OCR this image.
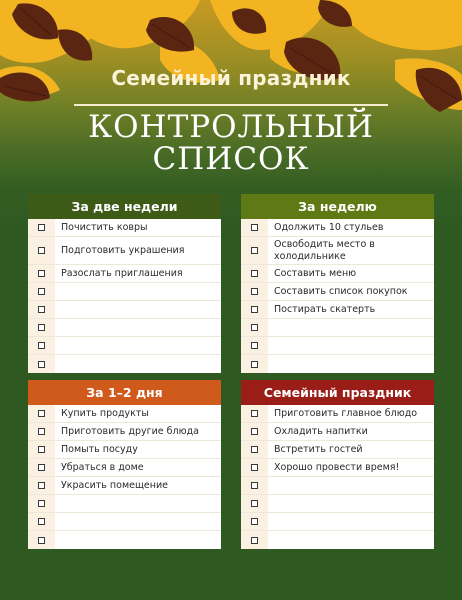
Семейный праздник
КОНТРОЛЬНЫЙ
СПИСОК
За две недели
Почистить ковры
Подготовить украшения
Разослать приглашения
За неделю
Одолжить 10 стульев
Освободить место в холодильнике
Составить меню
Составить список покупок
Постирать скатерть
За 1–2 дня
Купить продукты
Приготовить другие блюда
Помыть посуду
Убраться в доме
Украсить помещение
Семейный праздник
Приготовить главное блюдо
Охладить напитки
Встретить гостей
Хорошо провести время!
